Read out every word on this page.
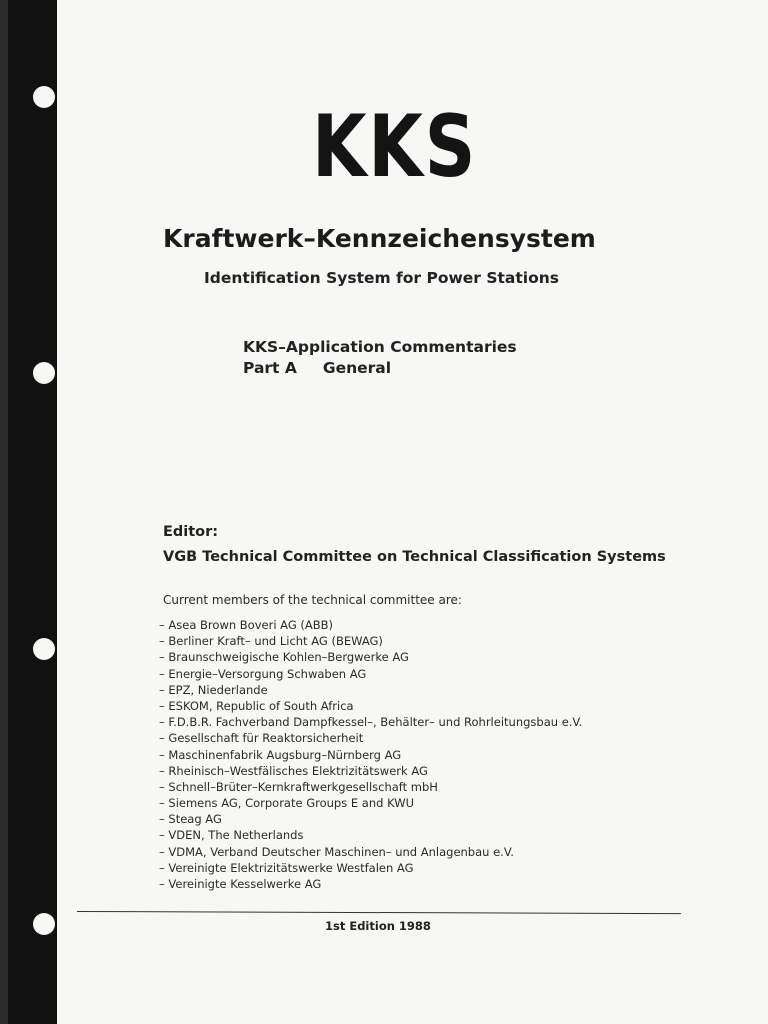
KKS
Kraftwerk–Kennzeichensystem
Identification System for Power Stations
KKS–Application Commentaries
Part A General
Editor:
VGB Technical Committee on Technical Classification Systems
Current members of the technical committee are:
– Asea Brown Boveri AG (ABB)
– Berliner Kraft– und Licht AG (BEWAG)
– Braunschweigische Kohlen–Bergwerke AG
– Energie–Versorgung Schwaben AG
– EPZ, Niederlande
– ESKOM, Republic of South Africa
– F.D.B.R. Fachverband Dampfkessel–, Behälter– und Rohrleitungsbau e.V.
– Gesellschaft für Reaktorsicherheit
– Maschinenfabrik Augsburg–Nürnberg AG
– Rheinisch–Westfälisches Elektrizitätswerk AG
– Schnell–Brüter–Kernkraftwerkgesellschaft mbH
– Siemens AG, Corporate Groups E and KWU
– Steag AG
– VDEN, The Netherlands
– VDMA, Verband Deutscher Maschinen– und Anlagenbau e.V.
– Vereinigte Elektrizitätswerke Westfalen AG
– Vereinigte Kesselwerke AG
1st Edition 1988
